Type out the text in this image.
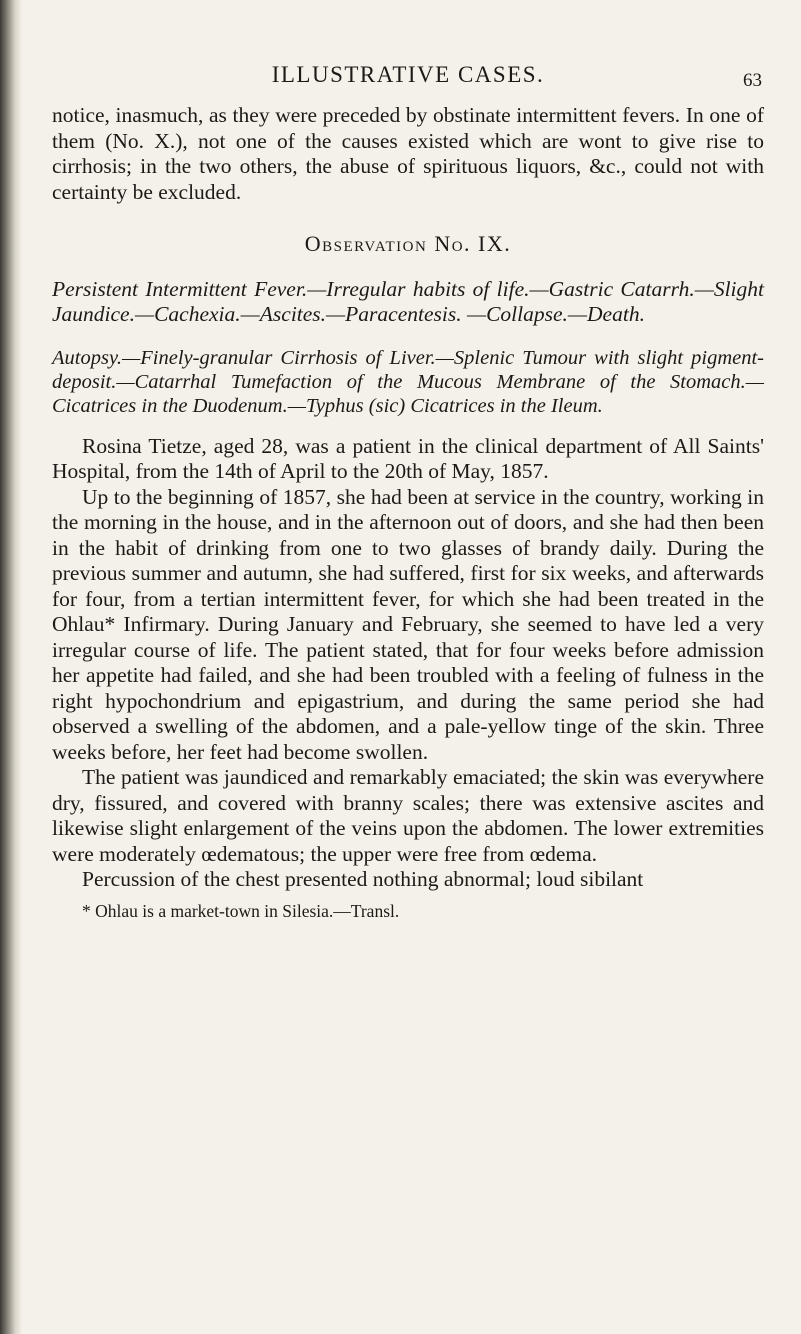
ILLUSTRATIVE CASES.	63

notice, inasmuch, as they were preceded by obstinate intermittent fevers. In one of them (No. X.), not one of the causes existed which are wont to give rise to cirrhosis; in the two others, the abuse of spirituous liquors, &c., could not with certainty be excluded.

Observation No. IX.

Persistent Intermittent Fever.—Irregular habits of life.—Gastric Catarrh.—Slight Jaundice.—Cachexia.—Ascites.—Paracentesis. —Collapse.—Death.

Autopsy.—Finely-granular Cirrhosis of Liver.—Splenic Tumour with slight pigment-deposit.—Catarrhal Tumefaction of the Mucous Membrane of the Stomach.—Cicatrices in the Duodenum.—Typhus (sic) Cicatrices in the Ileum.

Rosina Tietze, aged 28, was a patient in the clinical department of All Saints' Hospital, from the 14th of April to the 20th of May, 1857.

Up to the beginning of 1857, she had been at service in the country, working in the morning in the house, and in the afternoon out of doors, and she had then been in the habit of drinking from one to two glasses of brandy daily. During the previous summer and autumn, she had suffered, first for six weeks, and afterwards for four, from a tertian intermittent fever, for which she had been treated in the Ohlau* Infirmary. During January and February, she seemed to have led a very irregular course of life. The patient stated, that for four weeks before admission her appetite had failed, and she had been troubled with a feeling of fulness in the right hypochondrium and epigastrium, and during the same period she had observed a swelling of the abdomen, and a pale-yellow tinge of the skin. Three weeks before, her feet had become swollen.

The patient was jaundiced and remarkably emaciated; the skin was everywhere dry, fissured, and covered with branny scales; there was extensive ascites and likewise slight enlargement of the veins upon the abdomen. The lower extremities were moderately œdematous; the upper were free from œdema.

Percussion of the chest presented nothing abnormal; loud sibilant

* Ohlau is a market-town in Silesia.—Transl.
